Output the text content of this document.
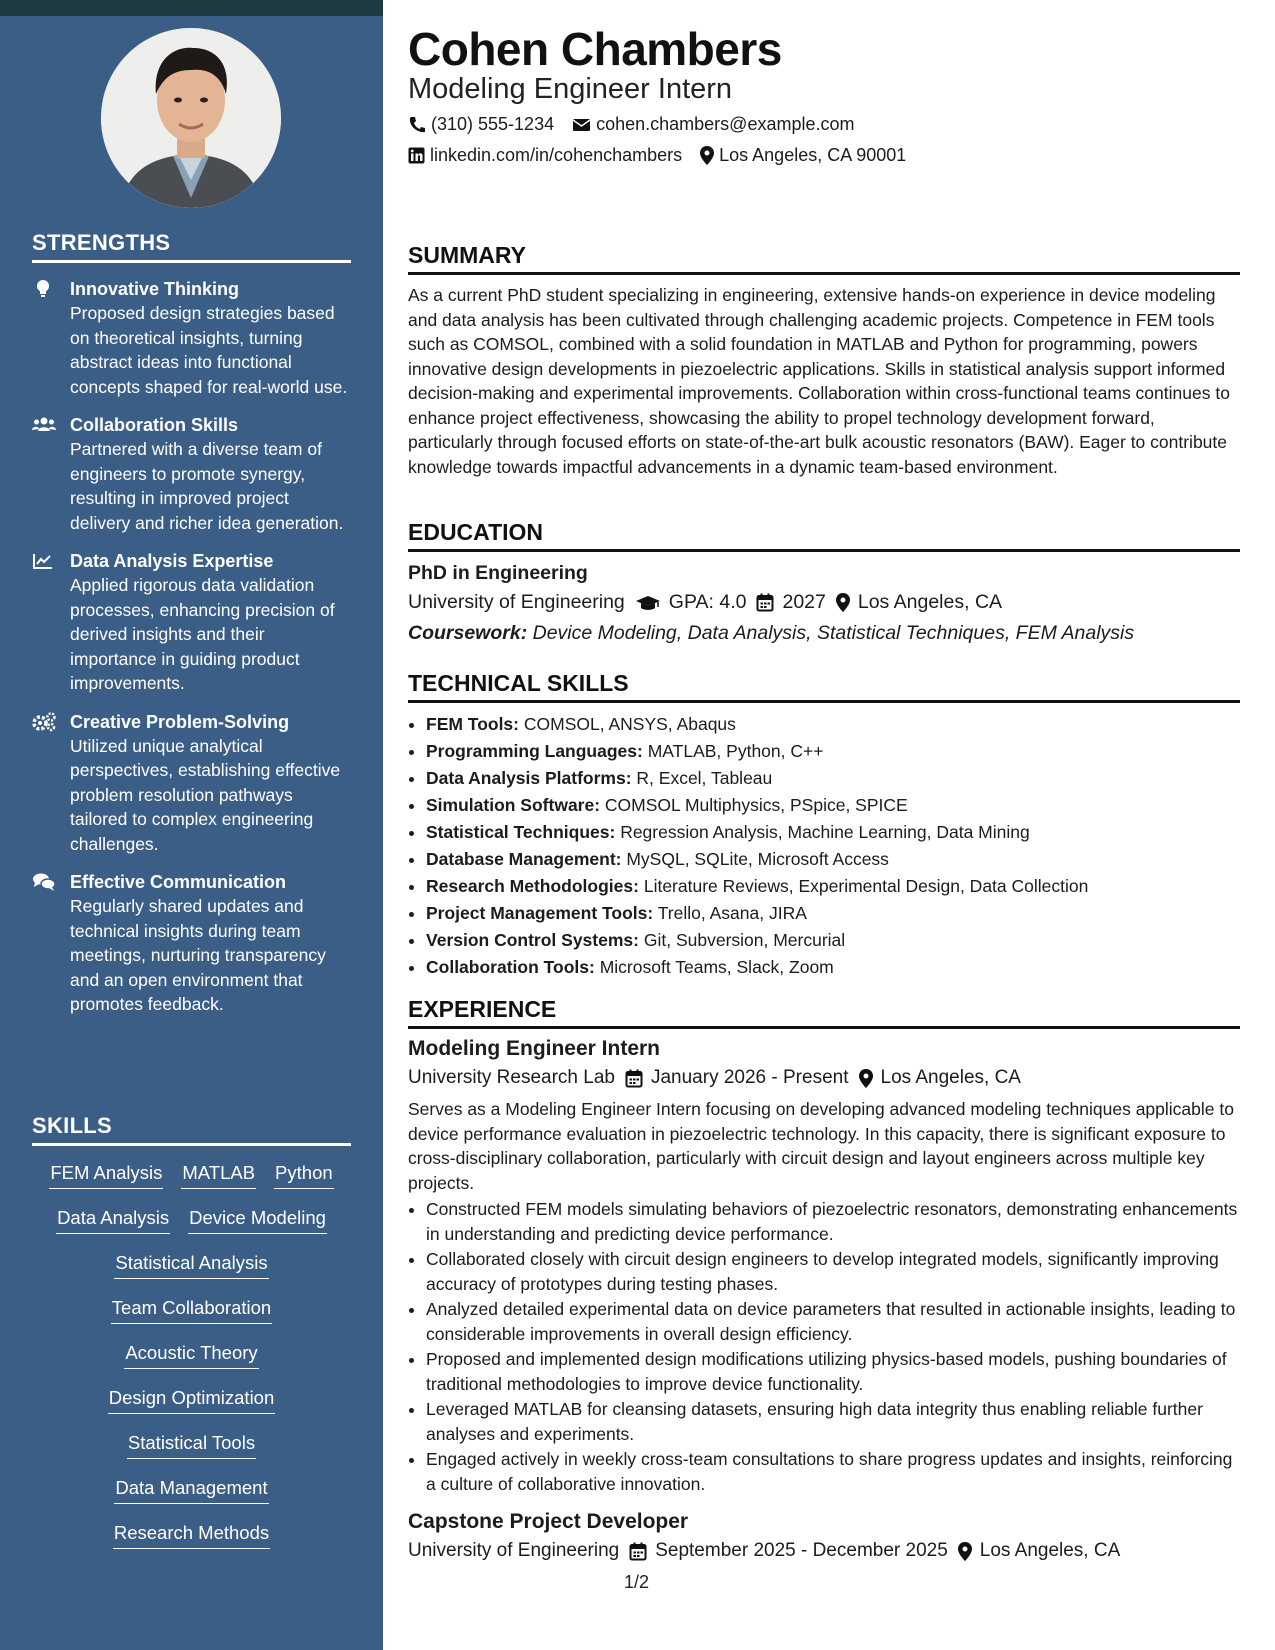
STRENGTHS
Innovative Thinking
Proposed design strategies based on theoretical insights, turning abstract ideas into functional concepts shaped for real-world use.
Collaboration Skills
Partnered with a diverse team of engineers to promote synergy, resulting in improved project delivery and richer idea generation.
Data Analysis Expertise
Applied rigorous data validation processes, enhancing precision of derived insights and their importance in guiding product improvements.
Creative Problem-Solving
Utilized unique analytical perspectives, establishing effective problem resolution pathways tailored to complex engineering challenges.
Effective Communication
Regularly shared updates and technical insights during team meetings, nurturing transparency and an open environment that promotes feedback.
SKILLS
FEM Analysis MATLAB Python
Data Analysis Device Modeling
Statistical Analysis
Team Collaboration
Acoustic Theory
Design Optimization
Statistical Tools
Data Management
Research Methods
Cohen Chambers
Modeling Engineer Intern
(310) 555-1234 cohen.chambers@example.com
linkedin.com/in/cohenchambers Los Angeles, CA 90001
SUMMARY
As a current PhD student specializing in engineering, extensive hands-on experience in device modeling and data analysis has been cultivated through challenging academic projects. Competence in FEM tools such as COMSOL, combined with a solid foundation in MATLAB and Python for programming, powers innovative design developments in piezoelectric applications. Skills in statistical analysis support informed decision-making and experimental improvements. Collaboration within cross-functional teams continues to enhance project effectiveness, showcasing the ability to propel technology development forward, particularly through focused efforts on state-of-the-art bulk acoustic resonators (BAW). Eager to contribute knowledge towards impactful advancements in a dynamic team-based environment.
EDUCATION
PhD in Engineering
University of Engineering GPA: 4.0 2027 Los Angeles, CA
Coursework: Device Modeling, Data Analysis, Statistical Techniques, FEM Analysis
TECHNICAL SKILLS
• FEM Tools: COMSOL, ANSYS, Abaqus
• Programming Languages: MATLAB, Python, C++
• Data Analysis Platforms: R, Excel, Tableau
• Simulation Software: COMSOL Multiphysics, PSpice, SPICE
• Statistical Techniques: Regression Analysis, Machine Learning, Data Mining
• Database Management: MySQL, SQLite, Microsoft Access
• Research Methodologies: Literature Reviews, Experimental Design, Data Collection
• Project Management Tools: Trello, Asana, JIRA
• Version Control Systems: Git, Subversion, Mercurial
• Collaboration Tools: Microsoft Teams, Slack, Zoom
EXPERIENCE
Modeling Engineer Intern
University Research Lab January 2026 - Present Los Angeles, CA
Serves as a Modeling Engineer Intern focusing on developing advanced modeling techniques applicable to device performance evaluation in piezoelectric technology. In this capacity, there is significant exposure to cross-disciplinary collaboration, particularly with circuit design and layout engineers across multiple key projects.
• Constructed FEM models simulating behaviors of piezoelectric resonators, demonstrating enhancements in understanding and predicting device performance.
• Collaborated closely with circuit design engineers to develop integrated models, significantly improving accuracy of prototypes during testing phases.
• Analyzed detailed experimental data on device parameters that resulted in actionable insights, leading to considerable improvements in overall design efficiency.
• Proposed and implemented design modifications utilizing physics-based models, pushing boundaries of traditional methodologies to improve device functionality.
• Leveraged MATLAB for cleansing datasets, ensuring high data integrity thus enabling reliable further analyses and experiments.
• Engaged actively in weekly cross-team consultations to share progress updates and insights, reinforcing a culture of collaborative innovation.
Capstone Project Developer
University of Engineering September 2025 - December 2025 Los Angeles, CA
1/2
